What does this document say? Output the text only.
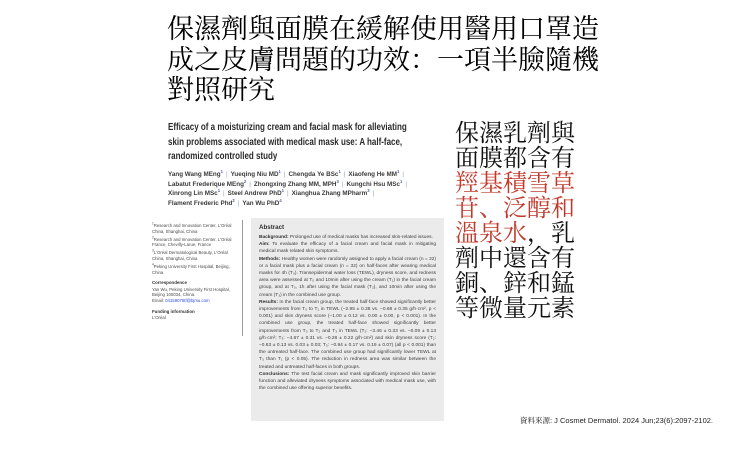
保濕劑與面膜在緩解使用醫用口罩造
成之皮膚問題的功效：一項半臉隨機
對照研究
Efficacy of a moisturizing cream and facial mask for alleviating
skin problems associated with medical mask use: A half-face,
randomized controlled study
Yang Wang MEng$^1$ | Yueqing Niu $MD^1$ | Chengda Ye BSc$^1$ | Xiaofeng He $MM^1$ |
Labatut Frederique MEng$^2$ | Zhongxing Zhang MM, MPH$^3$ | Kungchi Hsu MSc$^1$ |
Xinrong Lin MSc$^1$ | Steel Andrew PhD$^1$ | Xianghua Zhang MPharm$^3$ |
Flament Frederic Phd$^2$ | Yan Wu PhD$^4$
$^1$Research and Innovation Center, L'Oréal China, Shanghai, China
$^2$Research and Innovation Center, L'Oréal France, Chevilly-Larue, France
$^3$L'Oréal Dermatological Beauty, L'Oréal China, Shanghai, China
$^4$Peking University First Hospital, Beijing, China
Correspondence
Yan Wu, Peking University First Hospital, Beijing 100034, China.
Email: 04159075tf@bjmu.com
Funding information
L'Oréal
Abstract

Background: Prolonged use of medical masks has increased skin-related issues.

Aim: To evaluate the efficacy of a facial cream and facial mask in mitigating medical mask related skin symptoms.

Methods: Healthy women were randomly assigned to apply a facial cream (n = 32) or a facial mask plus a facial cream (n = 32) on half-faces after wearing medical masks for 4h (T₀). Transepidermal water loss (TEWL), dryness score, and redness area were assessed at T₀ and 10min after using the cream (T₁) in the facial cream group, and at T₀, 1h after using the facial mask (T₂), and 10min after using the cream (T₃) in the combined use group.

Results: In the facial cream group, the treated half-face showed significantly better improvements from T₀ to T₁ in TEWL (−2.95 ± 0.38 vs. −0.68 ± 0.35 g/h·cm², p < 0.001) and skin dryness score (−1.00 ± 0.12 vs. 0.00 ± 0.00, p < 0.001). In the combined use group, the treated half-face showed significantly better improvements from T₀ to T₂ and T₃ in TEWL (T₂: −3.46 ± 0.33 vs. −0.09 ± 0.13 g/h·cm²; T₃: −4.67 ± 0.31 vs. −0.28 ± 0.22 g/h·cm²) and skin dryness score (T₂: −0.63 ± 0.13 vs. 0.03 ± 0.03; T₃: −0.94 ± 0.17 vs. 0.19 ± 0.07) (all p < 0.001) than the untreated half-face. The combined use group had significantly lower TEWL at T₃ than T₁ (p < 0.05). The reduction in redness area was similar between the treated and untreated half-faces in both groups.

Conclusions: The test facial cream and mask significantly improved skin barrier function and alleviated dryness symptoms associated with medical mask use, with the combined use offering superior benefits.

保濕乳劑與
面膜都含有
羥基積雪草
苷、泛醇和
溫泉水，乳
劑中還含有
銅、鋅和錳
等微量元素
資料來源: J Cosmet Dermatol. 2024 Jun;23(6):2097-2102.
